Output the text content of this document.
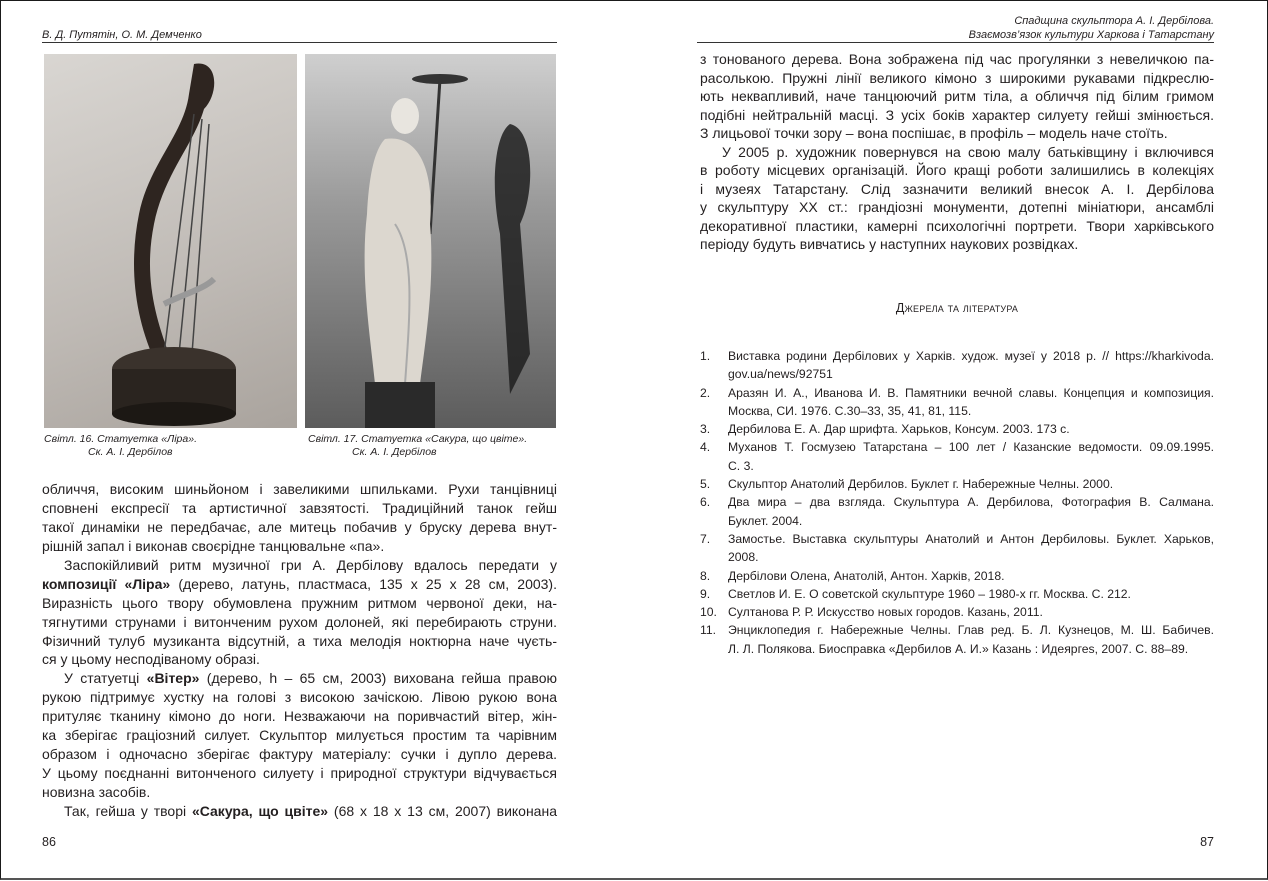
В. Д. Путятін, О. М. Демченко
Світл. 16. Статуетка «Ліра».
Ск. А. І. Дербілов
Світл. 17. Статуетка «Сакура, що цвіте».
Ск. А. І. Дербілов
обличчя, високим шиньйоном і завеликими шпильками. Рухи танцівниці
сповнені експресії та артистичної завзятості. Традиційний танок гейш
такої динаміки не передбачає, але митець побачив у бруску дерева внут-
рішній запал і виконав своєрідне танцювальне «па».
Заспокійливий ритм музичної гри А. Дербілову вдалось передати у
композиції «Ліра» (дерево, латунь, пластмаса, 135 x 25 x 28 см, 2003).
Виразність цього твору обумовлена пружним ритмом червоної деки, на-
тягнутими струнами і витонченим рухом долоней, які перебирають струни.
Фізичний тулуб музиканта відсутній, а тиха мелодія ноктюрна наче чуєть-
ся у цьому несподіваному образі.
У статуетці «Вітер» (дерево, h – 65 см, 2003) вихована гейша правою
рукою підтримує хустку на голові з високою зачіскою. Лівою рукою вона
притуляє тканину кімоно до ноги. Незважаючи на поривчастий вітер, жін-
ка зберігає граціозний силует. Скульптор милується простим та чарівним
образом і одночасно зберігає фактуру матеріалу: сучки і дупло дерева.
У цьому поєднанні витонченого силуету і природної структури відчувається
новизна засобів.
Так, гейша у творі «Сакура, що цвіте» (68 x 18 x 13 см, 2007) виконана
86
Спадщина скульптора А. І. Дербілова.
Взаємозв’язок культури Харкова і Татарстану
з тонованого дерева. Вона зображена під час прогулянки з невеличкою па-
расолькою. Пружні лінії великого кімоно з широкими рукавами підкреслю-
ють неквапливий, наче танцюючий ритм тіла, а обличчя під білим гримом
подібні нейтральній масці. З усіх боків характер силуету гейші змінюється.
З лицьової точки зору – вона поспішає, в профіль – модель наче стоїть.
У 2005 р. художник повернувся на свою малу батьківщину і включився
в роботу місцевих організацій. Його кращі роботи залишились в колекціях
і музеях Татарстану. Слід зазначити великий внесок А. І. Дербілова
у скульптуру XX ст.: грандіозні монументи, дотепні мініатюри, ансамблі
декоративної пластики, камерні психологічні портрети. Твори харківського
періоду будуть вивчатись у наступних наукових розвідках.
Джерела та література
1. Виставка родини Дербілових у Харків. худож. музеї у 2018 р. // https://kharkivoda.
gov.ua/news/92751
2. Аразян И. А., Иванова И. В. Памятники вечной славы. Концепция и композиция.
Москва, СИ. 1976. С.30–33, 35, 41, 81, 115.
3. Дербилова Е. А. Дар шрифта. Харьков, Консум. 2003. 173 с.
4. Муханов Т. Госмузею Татарстана – 100 лет / Казанские ведомости. 09.09.1995.
С. 3.
5. Скульптор Анатолий Дербилов. Буклет г. Набережные Челны. 2000.
6. Два мира – два взгляда. Скульптура А. Дербилова, Фотография В. Салмана.
Буклет. 2004.
7. Замостье. Выставка скульптуры Анатолий и Антон Дербиловы. Буклет. Харьков,
2008.
8. Дербілови Олена, Анатолій, Антон. Харків, 2018.
9. Светлов И. Е. О советской скульптуре 1960 – 1980-х гг. Москва. С. 212.
10. Султанова Р. Р. Искусство новых городов. Казань, 2011.
11. Энциклопедия г. Набережные Челны. Глав ред. Б. Л. Кузнецов, М. Ш. Бабичев.
Л. Л. Полякова. Биосправка «Дербилов А. И.» Казань : Идеяргеs, 2007. С. 88–89.
87
